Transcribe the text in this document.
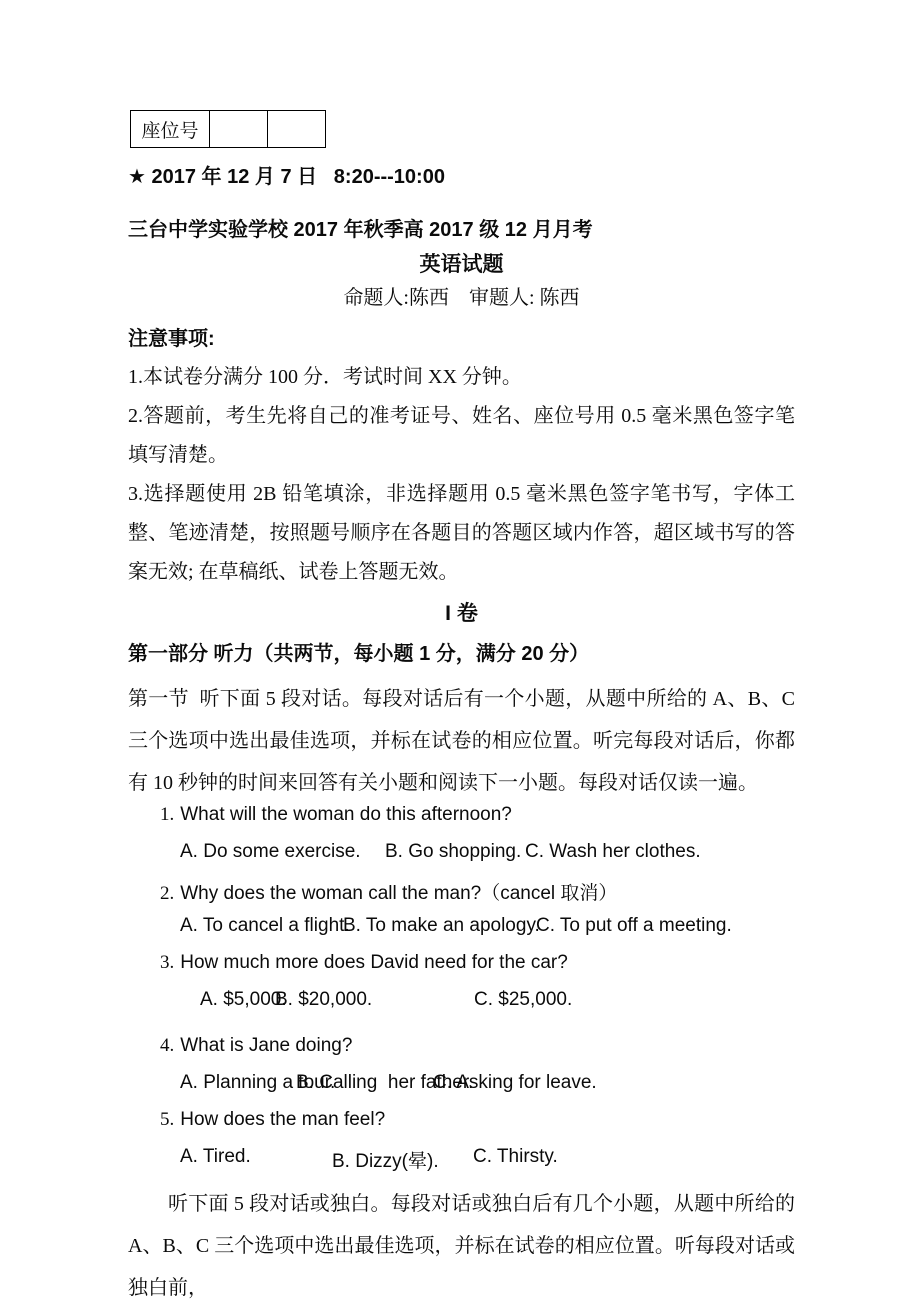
座位号		

★ 2017 年 12 月 7 日   8:20---10:00

三台中学实验学校 2017 年秋季高 2017 级 12 月月考

英语试题

命题人:陈西    审题人: 陈西

注意事项:

1.本试卷分满分 100 分．考试时间 XX 分钟。

2.答题前，考生先将自己的准考证号、姓名、座位号用 0.5 毫米黑色签字笔填写清楚。

3.选择题使用 2B 铅笔填涂，非选择题用 0.5 毫米黑色签字笔书写，字体工整、笔迹清楚，按照题号顺序在各题目的答题区域内作答，超区域书写的答案无效; 在草稿纸、试卷上答题无效。

I 卷

第一部分 听力（共两节，每小题 1 分，满分 20 分）

第一节  听下面 5 段对话。每段对话后有一个小题，从题中所给的 A、B、C 三个选项中选出最佳选项，并标在试卷的相应位置。听完每段对话后，你都有 10 秒钟的时间来回答有关小题和阅读下一小题。每段对话仅读一遍。

1. What will the woman do this afternoon?
A. Do some exercise. B. Go shopping. C. Wash her clothes.
2. Why does the woman call the man?（cancel 取消）
A. To cancel a flight.
B. To make an apology.
C. To put off a meeting.
3. How much more does David need for the car?
A. $5,000.
B. $20,000.	C. $25,000.
4. What is Jane doing?
A. Planning a tour.
B. Calling  her father.
C. Asking for leave.
5. How does the man feel?
A. Tired.	B. Dizzy(晕). C. Thirsty.

听下面 5 段对话或独白。每段对话或独白后有几个小题，从题中所给的 A、B、C 三个选项中选出最佳选项，并标在试卷的相应位置。听每段对话或独白前，
